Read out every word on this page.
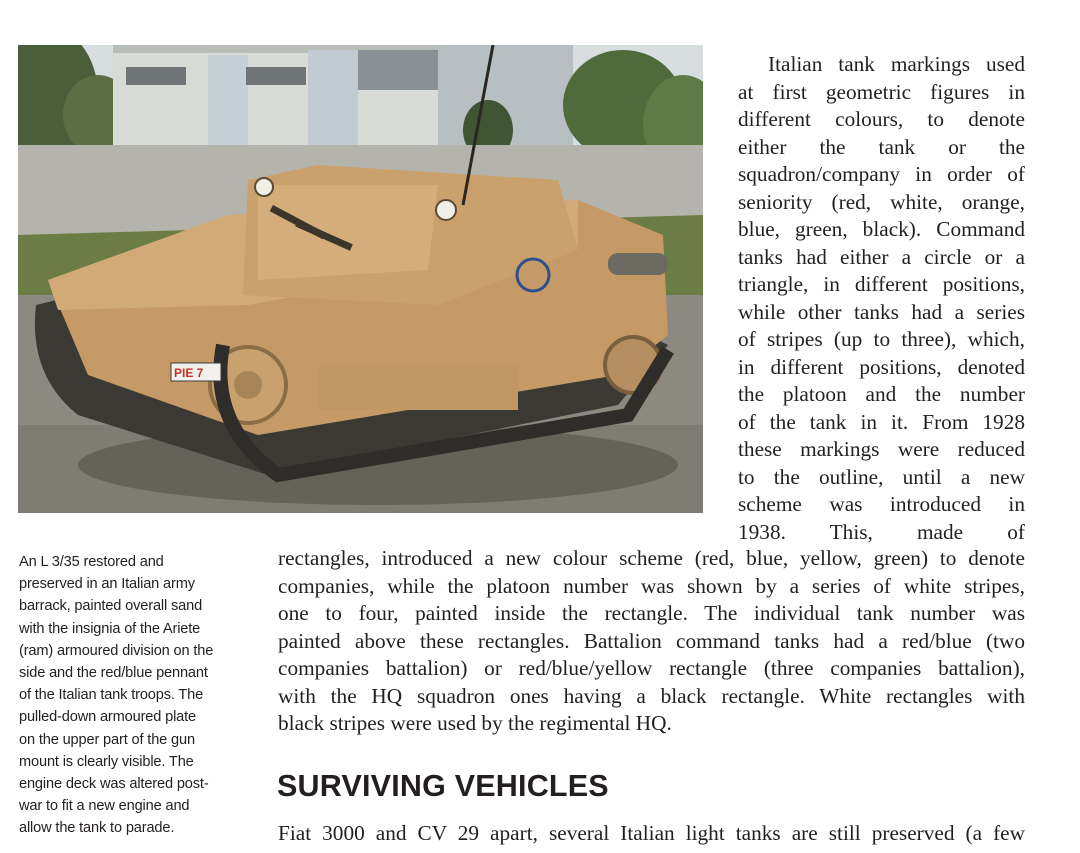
PIE 7
An L 3/35 restored and
preserved in an Italian army
barrack, painted overall sand
with the insignia of the Ariete
(ram) armoured division on the
side and the red/blue pennant
of the Italian tank troops. The
pulled-down armoured plate
on the upper part of the gun
mount is clearly visible. The
engine deck was altered post-
war to fit a new engine and
allow the tank to parade.
Italian tank markings used
at first geometric figures in
different colours, to denote
either the tank or the
squadron/company in order of
seniority (red, white, orange,
blue, green, black). Command
tanks had either a circle or a
triangle, in different positions,
while other tanks had a series
of stripes (up to three), which,
in different positions, denoted
the platoon and the number
of the tank in it. From 1928
these markings were reduced
to the outline, until a new
scheme was introduced in
1938. This, made of
rectangles, introduced a new colour scheme (red, blue, yellow, green) to denote
companies, while the platoon number was shown by a series of white stripes,
one to four, painted inside the rectangle. The individual tank number was
painted above these rectangles. Battalion command tanks had a red/blue (two
companies battalion) or red/blue/yellow rectangle (three companies battalion),
with the HQ squadron ones having a black rectangle. White rectangles with
black stripes were used by the regimental HQ.
SURVIVING VEHICLES
Fiat 3000 and CV 29 apart, several Italian light tanks are still preserved (a few
